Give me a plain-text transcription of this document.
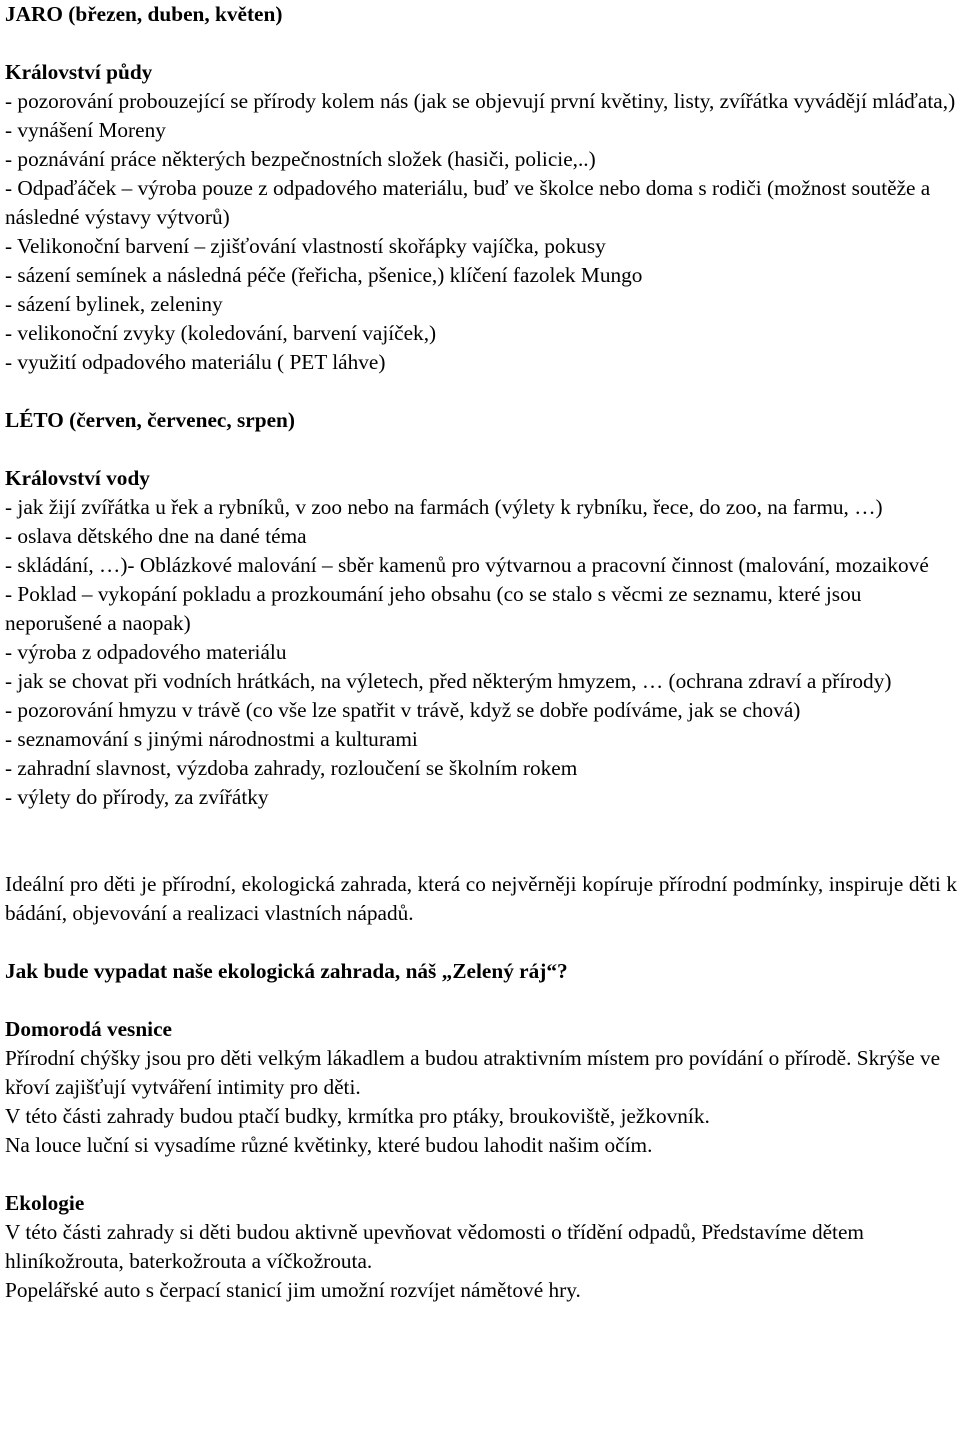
JARO (březen, duben, květen)

Království půdy

- pozorování probouzející se přírody kolem nás (jak se objevují první květiny, listy, zvířátka vyvádějí mláďata,)

- vynášení Moreny

- poznávání práce některých bezpečnostních složek (hasiči, policie,..)

- Odpaďáček – výroba pouze z odpadového materiálu, buď ve školce nebo doma s rodiči (možnost soutěže a následné výstavy výtvorů)

- Velikonoční barvení – zjišťování vlastností skořápky vajíčka, pokusy

- sázení semínek a následná péče (řeřicha, pšenice,) klíčení fazolek Mungo

- sázení bylinek, zeleniny

- velikonoční zvyky (koledování, barvení vajíček,)

- využití odpadového materiálu ( PET láhve)

LÉTO (červen, červenec, srpen)

Království vody

- jak žijí zvířátka u řek a rybníků, v zoo nebo na farmách (výlety k rybníku, řece, do zoo, na farmu, …)

- oslava dětského dne na dané téma

- skládání, …)- Oblázkové malování – sběr kamenů pro výtvarnou a pracovní činnost (malování, mozaikové

- Poklad – vykopání pokladu a prozkoumání jeho obsahu (co se stalo s věcmi ze seznamu, které jsou neporušené a naopak)

- výroba z odpadového materiálu

- jak se chovat při vodních hrátkách, na výletech, před některým hmyzem, … (ochrana zdraví a přírody)

- pozorování hmyzu v trávě (co vše lze spatřit v trávě, když se dobře podíváme, jak se chová)

- seznamování s jinými národnostmi a kulturami

- zahradní slavnost, výzdoba zahrady, rozloučení se školním rokem

- výlety do přírody, za zvířátky

Ideální pro děti je přírodní, ekologická zahrada, která co nejvěrněji kopíruje přírodní podmínky, inspiruje děti k bádání, objevování a realizaci vlastních nápadů.

Jak bude vypadat naše ekologická zahrada, náš „Zelený ráj“?

Domorodá vesnice

Přírodní chýšky jsou pro děti velkým lákadlem a budou atraktivním místem pro povídání o přírodě. Skrýše ve křoví zajišťují vytváření intimity pro děti.

V této části zahrady budou ptačí budky, krmítka pro ptáky, broukoviště, ježkovník.

Na louce luční si vysadíme různé květinky, které budou lahodit našim očím.

Ekologie

V této části zahrady si děti budou aktivně upevňovat vědomosti o třídění odpadů, Představíme dětem hliníkožrouta, baterkožrouta a víčkožrouta.

Popelářské auto s čerpací stanicí jim umožní rozvíjet námětové hry.
